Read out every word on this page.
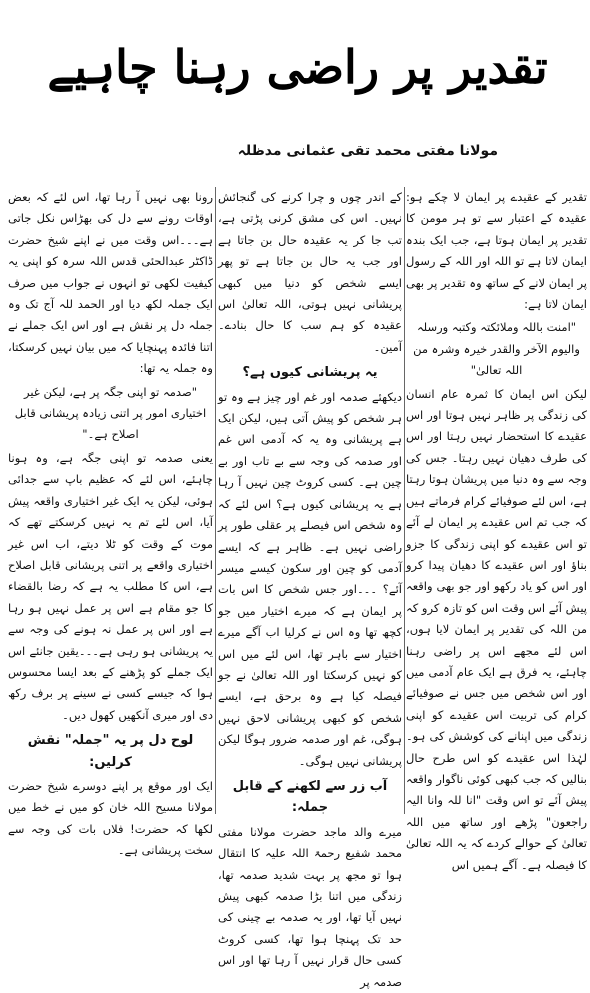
تقدیر پر راضی رہنا چاہیے
مولانا مفتی محمد تقی عثمانی مدظلہ

تقدیر کے عقیدے پر ایمان لا چکے ہو: عقیدہ کے اعتبار سے تو ہر مومن کا تقدیر پر ایمان ہوتا ہے، جب ایک بندہ ایمان لاتا ہے تو اللہ اور اللہ کے رسول پر ایمان لانے کے ساتھ وہ تقدیر پر بھی ایمان لاتا ہے:

"امنت باللہ وملائکتہ وکتبہ ورسلہ والیوم الآخر والقدر خیرہ وشرہ من اللہ تعالیٰ"

لیکن اس ایمان کا ثمرہ عام انسان کی زندگی پر ظاہر نہیں ہوتا اور اس عقیدے کا استحضار نہیں رہتا اور اس کی طرف دھیان نہیں رہتا۔ جس کی وجہ سے وہ دنیا میں پریشان ہوتا رہتا ہے، اس لئے صوفیائے کرام فرماتے ہیں کہ جب تم اس عقیدے پر ایمان لے آئے تو اس عقیدے کو اپنی زندگی کا جزو بناؤ اور اس عقیدے کا دھیان پیدا کرو اور اس کو یاد رکھو اور جو بھی واقعہ پیش آئے اس وقت اس کو تازہ کرو کہ من اللہ کی تقدیر پر ایمان لایا ہوں، اس لئے مجھے اس پر راضی رہنا چاہئے، یہ فرق ہے ایک عام آدمی میں اور اس شخص میں جس نے صوفیائے کرام کی تربیت اس عقیدے کو اپنی زندگی میں اپنانے کی کوشش کی ہو۔ لہٰذا اس عقیدے کو اس طرح حال بنالیں کہ جب کبھی کوئی ناگوار واقعہ پیش آئے تو اس وقت "انا للہ وانا الیہ راجعون" پڑھے اور ساتھ میں اللہ تعالیٰ کے حوالے کردے کہ یہ اللہ تعالیٰ کا فیصلہ ہے۔ آگے ہمیں اس

کے اندر چوں و چرا کرنے کی گنجائش نہیں۔ اس کی مشق کرنی پڑتی ہے، تب جا کر یہ عقیدہ حال بن جاتا ہے اور جب یہ حال بن جاتا ہے تو پھر ایسے شخص کو دنیا میں کبھی پریشانی نہیں ہوتی، اللہ تعالیٰ اس عقیدہ کو ہم سب کا حال بنادے۔ آمین۔

یہ پریشانی کیوں ہے؟

دیکھئے صدمہ اور غم اور چیز ہے وہ تو ہر شخص کو پیش آتی ہیں، لیکن ایک ہے پریشانی وہ یہ کہ آدمی اس غم اور صدمہ کی وجہ سے بے تاب اور بے چین ہے۔ کسی کروٹ چین نہیں آ رہا ہے یہ پریشانی کیوں ہے؟ اس لئے کہ وہ شخص اس فیصلے پر عقلی طور پر راضی نہیں ہے۔ ظاہر ہے کہ ایسے آدمی کو چین اور سکون کیسے میسر آئے؟ ۔۔۔اور جس شخص کا اس بات پر ایمان ہے کہ میرے اختیار میں جو کچھ تھا وہ اس نے کرلیا اب آگے میرے اختیار سے باہر تھا، اس لئے میں اس کو نہیں کرسکتا اور اللہ تعالیٰ نے جو فیصلہ کیا ہے وہ برحق ہے، ایسے شخص کو کبھی پریشانی لاحق نہیں ہوگی، غم اور صدمہ ضرور ہوگا لیکن پریشانی نہیں ہوگی۔

آب زر سے لکھنے کے قابل جملہ:

میرے والد ماجد حضرت مولانا مفتی محمد شفیع رحمۃ اللہ علیہ کا انتقال ہوا تو مجھ پر بہت شدید صدمہ تھا، زندگی میں اتنا بڑا صدمہ کبھی پیش نہیں آیا تھا، اور یہ صدمہ بے چینی کی حد تک پہنچا ہوا تھا، کسی کروٹ کسی حال قرار نہیں آ رہا تھا اور اس صدمہ پر

رونا بھی نہیں آ رہا تھا، اس لئے کہ بعض اوقات رونے سے دل کی بھڑاس نکل جاتی ہے۔۔۔اس وقت میں نے اپنے شیخ حضرت ڈاکٹر عبدالحئی قدس اللہ سرہ کو اپنی یہ کیفیت لکھی تو انہوں نے جواب میں صرف ایک جملہ لکھ دیا اور الحمد للہ آج تک وہ جملہ دل پر نقش ہے اور اس ایک جملے نے اتنا فائدہ پہنچایا کہ میں بیان نہیں کرسکتا، وہ جملہ یہ تھا:

"صدمہ تو اپنی جگہ پر ہے، لیکن غیر اختیاری امور پر اتنی زیادہ پریشانی قابل اصلاح ہے۔"

یعنی صدمہ تو اپنی جگہ ہے، وہ ہونا چاہئے، اس لئے کہ عظیم باپ سے جدائی ہوئی، لیکن یہ ایک غیر اختیاری واقعہ پیش آیا، اس لئے تم یہ نہیں کرسکتے تھے کہ موت کے وقت کو ٹلا دیتے، اب اس غیر اختیاری واقعے پر اتنی پریشانی قابل اصلاح ہے، اس کا مطلب یہ ہے کہ رضا بالقضاء کا جو مقام ہے اس پر عمل نہیں ہو رہا ہے اور اس پر عمل نہ ہونے کی وجہ سے یہ پریشانی ہو رہی ہے۔۔۔یقین جانئے اس ایک جملے کو پڑھنے کے بعد ایسا محسوس ہوا کہ جیسے کسی نے سینے پر برف رکھ دی اور میری آنکھیں کھول دیں۔

لوح دل پر یہ "جملہ" نقش کرلیں:

ایک اور موقع پر اپنے دوسرے شیخ حضرت مولانا مسیح اللہ خان کو میں نے خط میں لکھا کہ حضرت! فلاں بات کی وجہ سے سخت پریشانی ہے۔
